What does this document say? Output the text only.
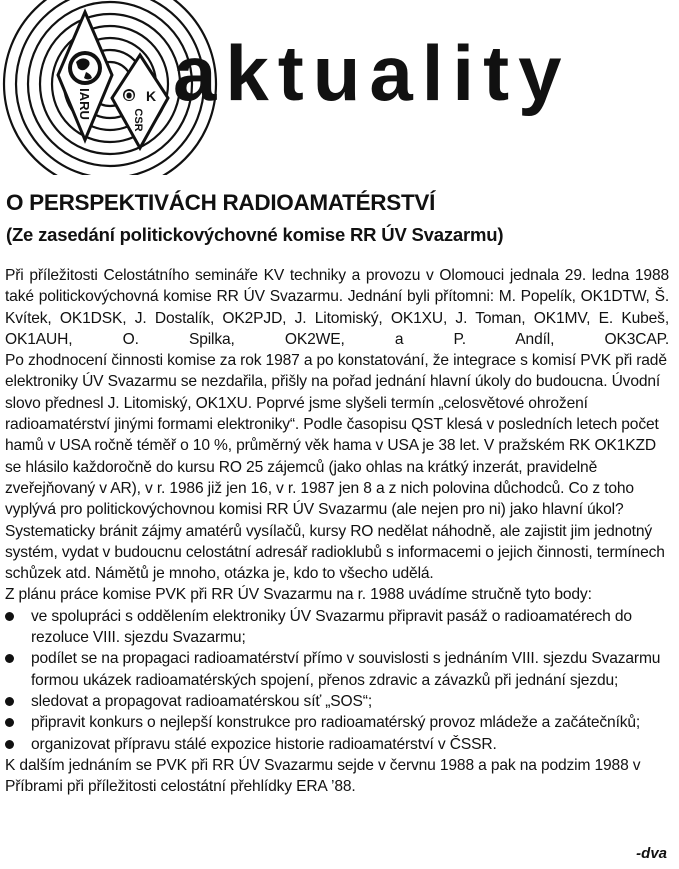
IARU O K
CSR
aktuality
O PERSPEKTIVÁCH RADIOAMATÉRSTVÍ
(Ze zasedání politickovýchovné komise RR ÚV Svazarmu)

Při příležitosti Celostátního semináře KV techniky a provozu v Olomouci jednala 29. ledna 1988 také politickovýchovná komise RR ÚV Svazarmu. Jednání byli přítomni: M. Popelík, OK1DTW, Š. Kvítek, OK1DSK, J. Dostalík, OK2PJD, J. Litomiský, OK1XU, J. Toman, OK1MV, E. Kubeš, OK1AUH, O. Spilka, OK2WE, a P. Andíl, OK3CAP.

Po zhodnocení činnosti komise za rok 1987 a po konstatování, že integrace s komisí PVK při radě elektroniky ÚV Svazarmu se nezdařila, přišly na pořad jednání hlavní úkoly do budoucna. Úvodní slovo přednesl J. Litomiský, OK1XU. Poprvé jsme slyšeli termín „celosvětové ohrožení radioamatérství jinými formami elektroniky“. Podle časopisu QST klesá v posledních letech počet hamů v USA ročně téměř o 10 %, průměrný věk hama v USA je 38 let. V pražském RK OK1KZD se hlásilo každoročně do kursu RO 25 zájemců (jako ohlas na krátký inzerát, pravidelně zveřejňovaný v AR), v r. 1986 již jen 16, v r. 1987 jen 8 a z nich polovina důchodců. Co z toho vyplývá pro politickovýchovnou komisi RR ÚV Svazarmu (ale nejen pro ni) jako hlavní úkol? Systematicky bránit zájmy amatérů vysílačů, kursy RO nedělat náhodně, ale zajistit jim jednotný systém, vydat v budoucnu celostátní adresář radioklubů s informacemi o jejich činnosti, termínech schůzek atd. Námětů je mnoho, otázka je, kdo to všecho udělá.

Z plánu práce komise PVK při RR ÚV Svazarmu na r. 1988 uvádíme stručně tyto body:

ve spolupráci s oddělením elektroniky ÚV Svazarmu připravit pasáž o radioamatérech do rezoluce VIII. sjezdu Svazarmu;
podílet se na propagaci radioamatérství přímo v souvislosti s jednáním VIII. sjezdu Svazarmu formou ukázek radioamatérských spojení, přenos zdravic a závazků při jednání sjezdu;
sledovat a propagovat radioamatérskou síť „SOS“;
připravit konkurs o nejlepší konstrukce pro radioamatérský provoz mládeže a začátečníků;
organizovat přípravu stálé expozice historie radioamatérství v ČSSR.

K dalším jednáním se PVK při RR ÚV Svazarmu sejde v červnu 1988 a pak na podzim 1988 v Příbrami při příležitosti celostátní přehlídky ERA ’88.

-dva
